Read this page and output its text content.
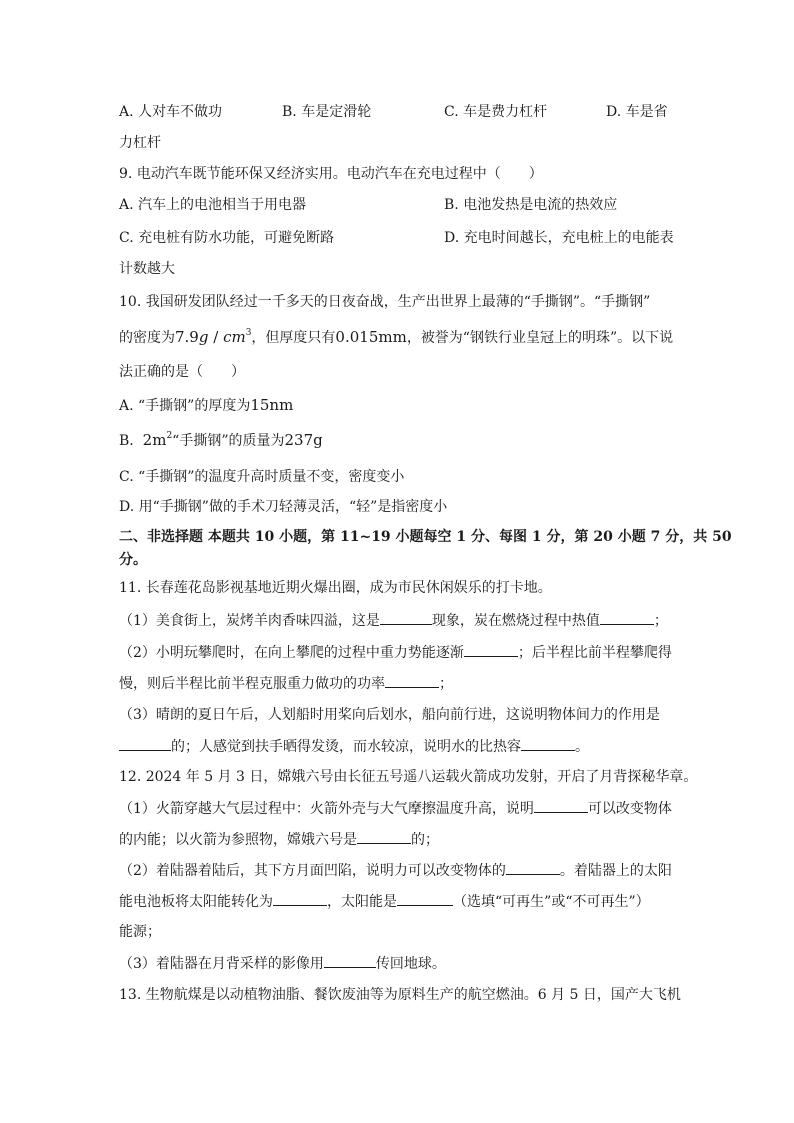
A. 人对车不做功	B. 车是定滑轮	C. 车是费力杠杆	D. 车是省
力杠杆
9. 电动汽车既节能环保又经济实用。电动汽车在充电过程中（　　）
A. 汽车上的电池相当于用电器	B. 电池发热是电流的热效应
C. 充电桩有防水功能，可避免断路	D. 充电时间越长，充电桩上的电能表
计数越大
10. 我国研发团队经过一千多天的日夜奋战，生产出世界上最薄的“手撕钢”。“手撕钢”
的密度为$7.9g / cm^3$，但厚度只有0.015mm，被誉为“钢铁行业皇冠上的明珠”。以下说
法正确的是（　　）
A. “手撕钢”的厚度为15nm
B. $2m^2“$手撕钢”的质量为237g
C. “手撕钢”的温度升高时质量不变，密度变小
D. 用“手撕钢”做的手术刀轻薄灵活，“轻”是指密度小
二、非选择题 本题共 10 小题，第 11~19 小题每空 1 分、每图 1 分，第 20 小题 7 分，共 50
分。
11. 长春莲花岛影视基地近期火爆出圈，成为市民休闲娱乐的打卡地。
（1）美食街上，炭烤羊肉香味四溢，这是	现象，炭在燃烧过程中热值	；
（2）小明玩攀爬时，在向上攀爬的过程中重力势能逐渐	；后半程比前半程攀爬得
慢，则后半程比前半程克服重力做功的功率	；
（3）晴朗的夏日午后，人划船时用桨向后划水，船向前行进，这说明物体间力的作用是
的；人感觉到扶手晒得发烫，而水较凉，说明水的比热容	。
12. 2024 年 5 月 3 日，嫦娥六号由长征五号遥八运载火箭成功发射，开启了月背探秘华章。
（1）火箭穿越大气层过程中：火箭外壳与大气摩擦温度升高，说明	可以改变物体
的内能；以火箭为参照物，嫦娥六号是	的；
（2）着陆器着陆后，其下方月面凹陷，说明力可以改变物体的	。着陆器上的太阳
能电池板将太阳能转化为	，太阳能是	（选填“可再生”或“不可再生”）
能源；
（3）着陆器在月背采样的影像用	传回地球。
13. 生物航煤是以动植物油脂、餐饮废油等为原料生产的航空燃油。6 月 5 日，国产大飞机
